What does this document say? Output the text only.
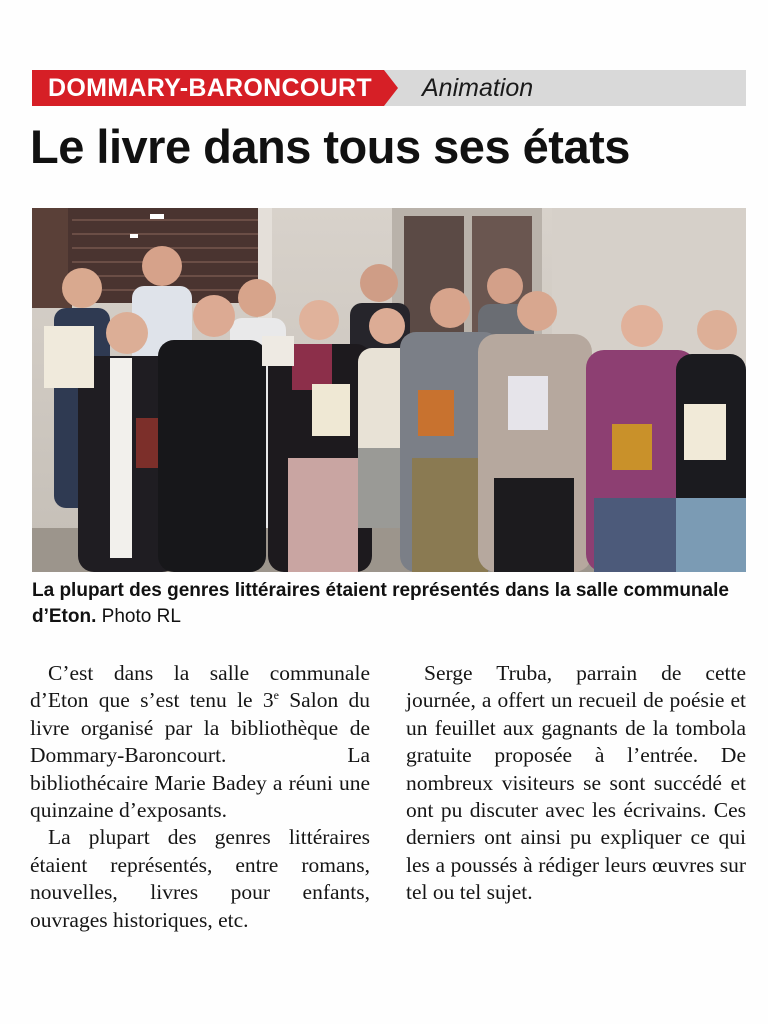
DOMMARY-BARONCOURT	Animation
Le livre dans tous ses états
La plupart des genres littéraires étaient représentés dans la salle communale d’Eton. Photo RL

C’est dans la salle communale d’Eton que s’est tenu le 3e Salon du livre organisé par la bibliothèque de Dommary-Baroncourt. La bibliothécaire Marie Badey a réuni une quinzaine d’exposants.

La plupart des genres littéraires étaient représentés, entre romans, nouvelles, livres pour enfants, ouvrages historiques, etc.

Serge Truba, parrain de cette journée, a offert un recueil de poésie et un feuillet aux gagnants de la tombola gratuite proposée à l’entrée. De nombreux visiteurs se sont succédé et ont pu discuter avec les écrivains. Ces derniers ont ainsi pu expliquer ce qui les a poussés à rédiger leurs œuvres sur tel ou tel sujet.
